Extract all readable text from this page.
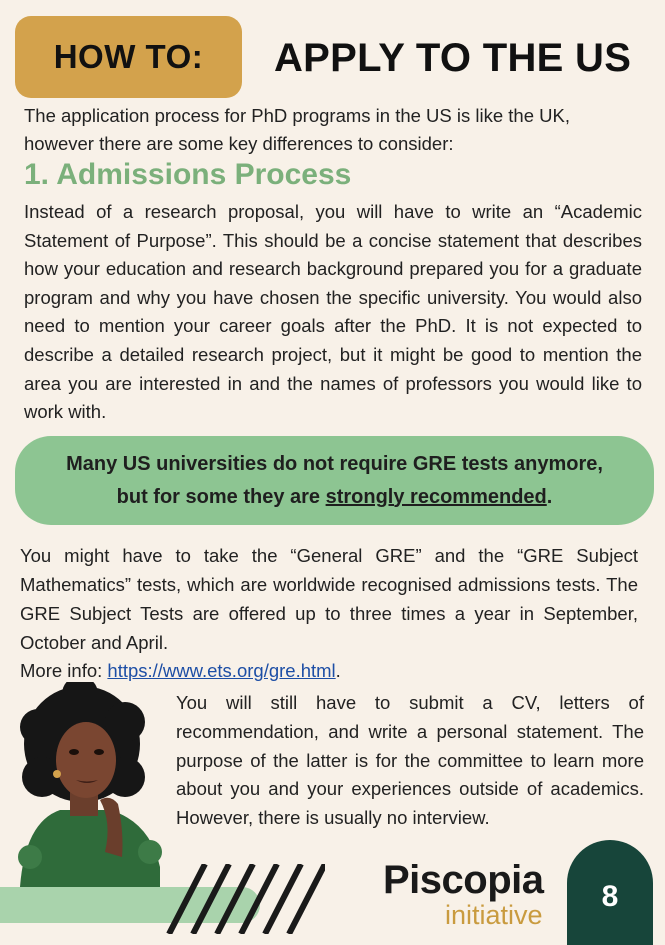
HOW TO:	APPLY TO THE US
The application process for PhD programs in the US is like the UK, however there are some key differences to consider:
1. Admissions Process
Instead of a research proposal, you will have to write an “Academic Statement of Purpose”. This should be a concise statement that describes how your education and research background prepared you for a graduate program and why you have chosen the specific university. You would also need to mention your career goals after the PhD. It is not expected to describe a detailed research project, but it might be good to mention the area you are interested in and the names of professors you would like to work with.
Many US universities do not require GRE tests anymore,
but for some they are strongly recommended.
You might have to take the “General GRE” and the “GRE Subject Mathematics” tests, which are worldwide recognised admissions tests. The GRE Subject Tests are offered up to three times a year in September, October and April.
More info: https://www.ets.org/gre.html.
You will still have to submit a CV, letters of recommendation, and write a personal statement. The purpose of the latter is for the committee to learn more about you and your experiences outside of academics. However, there is usually no interview.
Piscopia
initiative
8
